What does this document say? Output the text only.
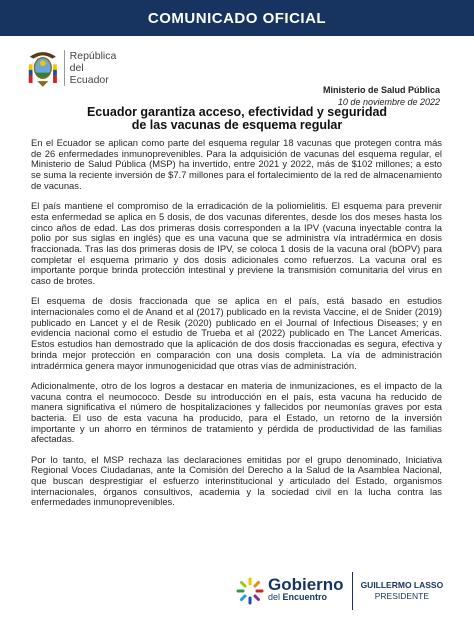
COMUNICADO OFICIAL
República
del Ecuador
Ministerio de Salud Pública
10 de noviembre de 2022
Ecuador garantiza acceso, efectividad y seguridad
de las vacunas de esquema regular

En el Ecuador se aplican como parte del esquema regular 18 vacunas que protegen contra más de 26 enfermedades inmunoprevenibles. Para la adquisición de vacunas del esquema regular, el Ministerio de Salud Pública (MSP) ha invertido, entre 2021 y 2022, más de $102 millones; a esto se suma la reciente inversión de $7.7 millones para el fortalecimiento de la red de almacenamiento de vacunas.

El país mantiene el compromiso de la erradicación de la poliomielitis. El esquema para prevenir esta enfermedad se aplica en 5 dosis, de dos vacunas diferentes, desde los dos meses hasta los cinco años de edad. Las dos primeras dosis corresponden a la IPV (vacuna inyectable contra la polio por sus siglas en inglés) que es una vacuna que se administra vía intradérmica en dosis fraccionada. Tras las dos primeras dosis de IPV, se coloca 1 dosis de la vacuna oral (bOPV) para completar el esquema primario y dos dosis adicionales como refuerzos. La vacuna oral es importante porque brinda protección intestinal y previene la transmisión comunitaria del virus en caso de brotes.

El esquema de dosis fraccionada que se aplica en el país, está basado en estudios internacionales como el de Anand et al (2017) publicado en la revista Vaccine, el de Snider (2019) publicado en Lancet y el de Resik (2020) publicado en el Journal of Infectious Diseases; y en evidencia nacional como el estudio de Trueba et al (2022) publicado en The Lancet Americas. Estos estudios han demostrado que la aplicación de dos dosis fraccionadas es segura, efectiva y brinda mejor protección en comparación con una dosis completa. La vía de administración intradérmica genera mayor inmunogenicidad que otras vías de administración.

Adicionalmente, otro de los logros a destacar en materia de inmunizaciones, es el impacto de la vacuna contra el neumococo. Desde su introducción en el país, esta vacuna ha reducido de manera significativa el número de hospitalizaciones y fallecidos por neumonías graves por esta bacteria. El uso de esta vacuna ha producido, para el Estado, un retorno de la inversión importante y un ahorro en términos de tratamiento y pérdida de productividad de las familias afectadas.

Por lo tanto, el MSP rechaza las declaraciones emitidas por el grupo denominado, Iniciativa Regional Voces Ciudadanas, ante la Comisión del Derecho a la Salud de la Asamblea Nacional, que buscan desprestigiar el esfuerzo interinstitucional y articulado del Estado, organismos internacionales, órganos consultivos, academia y la sociedad civil en la lucha contra las enfermedades inmunoprevenibles.

Gobierno
del Encuentro
GUILLERMO LASSO
PRESIDENTE
